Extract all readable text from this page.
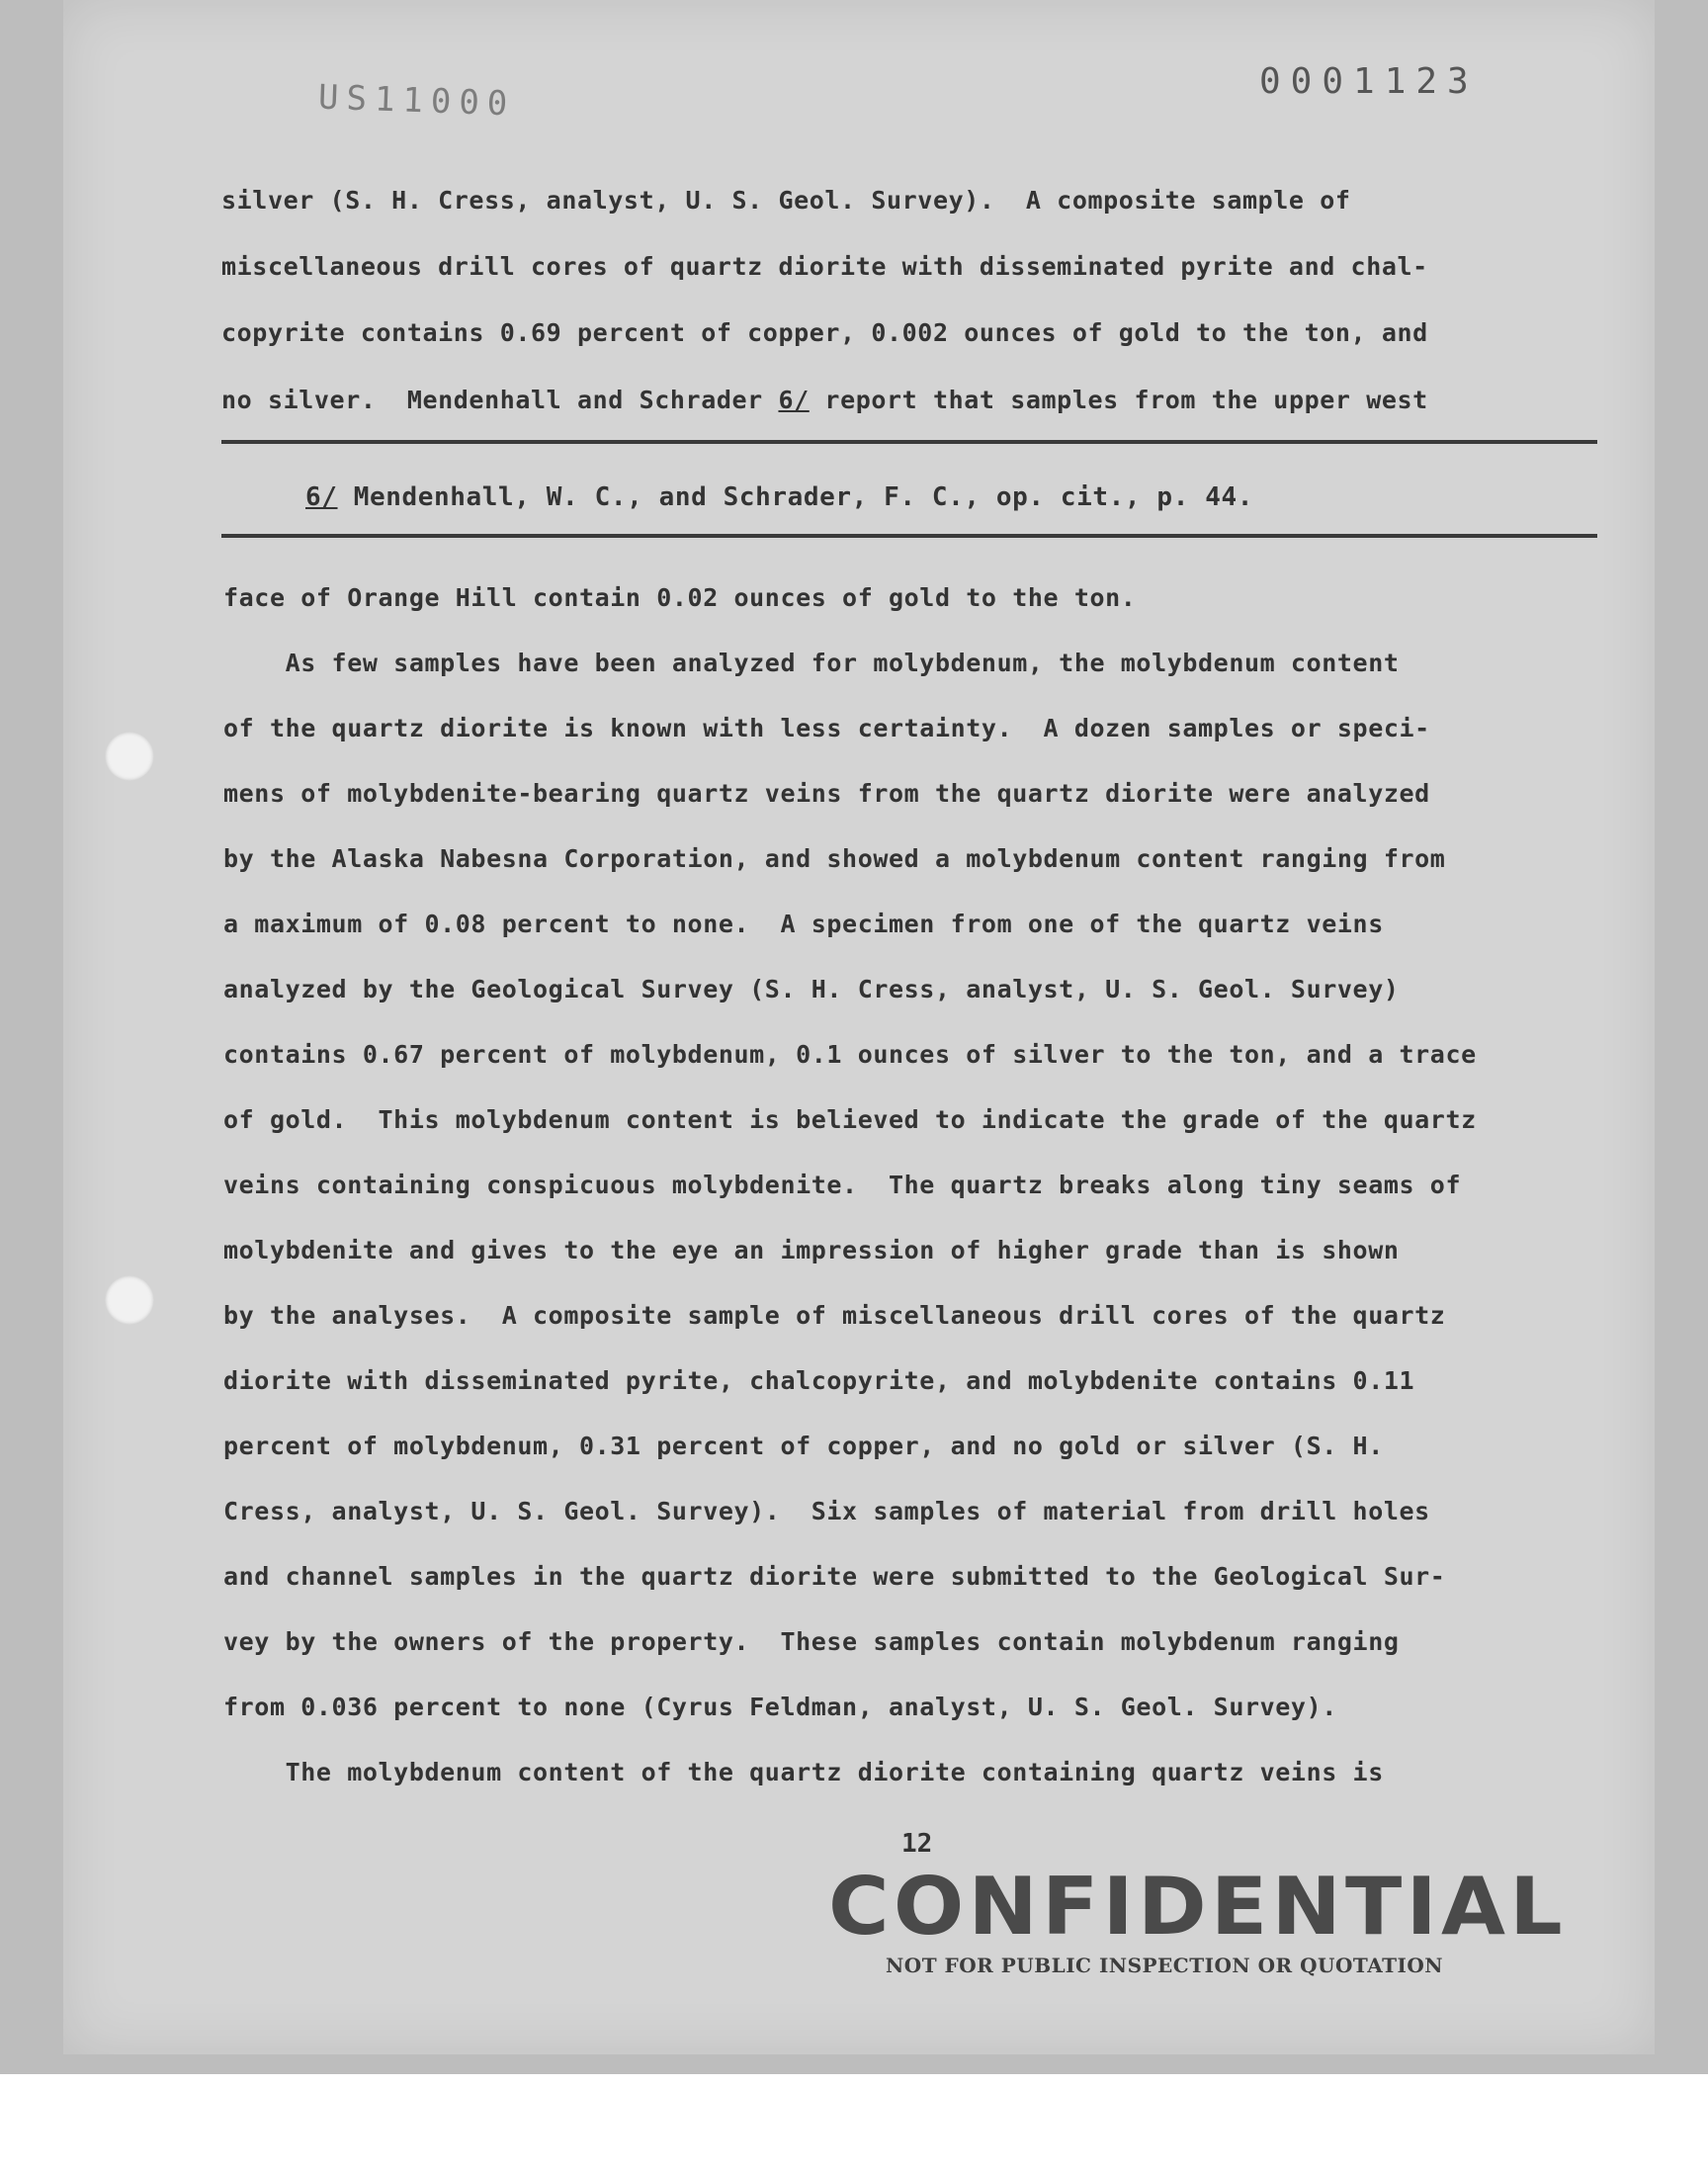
US11000	0001123
silver (S. H. Cress, analyst, U. S. Geol. Survey).  A composite sample of
miscellaneous drill cores of quartz diorite with disseminated pyrite and chal-
copyrite contains 0.69 percent of copper, 0.002 ounces of gold to the ton, and
no silver.  Mendenhall and Schrader 6/ report that samples from the upper west
6/ Mendenhall, W. C., and Schrader, F. C., op. cit., p. 44.
face of Orange Hill contain 0.02 ounces of gold to the ton.
As few samples have been analyzed for molybdenum, the molybdenum content
of the quartz diorite is known with less certainty.  A dozen samples or speci-
mens of molybdenite-bearing quartz veins from the quartz diorite were analyzed
by the Alaska Nabesna Corporation, and showed a molybdenum content ranging from
a maximum of 0.08 percent to none.  A specimen from one of the quartz veins
analyzed by the Geological Survey (S. H. Cress, analyst, U. S. Geol. Survey)
contains 0.67 percent of molybdenum, 0.1 ounces of silver to the ton, and a trace
of gold.  This molybdenum content is believed to indicate the grade of the quartz
veins containing conspicuous molybdenite.  The quartz breaks along tiny seams of
molybdenite and gives to the eye an impression of higher grade than is shown
by the analyses.  A composite sample of miscellaneous drill cores of the quartz
diorite with disseminated pyrite, chalcopyrite, and molybdenite contains 0.11
percent of molybdenum, 0.31 percent of copper, and no gold or silver (S. H.
Cress, analyst, U. S. Geol. Survey).  Six samples of material from drill holes
and channel samples in the quartz diorite were submitted to the Geological Sur-
vey by the owners of the property.  These samples contain molybdenum ranging
from 0.036 percent to none (Cyrus Feldman, analyst, U. S. Geol. Survey).
The molybdenum content of the quartz diorite containing quartz veins is
12
CONFIDENTIAL
NOT FOR PUBLIC INSPECTION OR QUOTATION
